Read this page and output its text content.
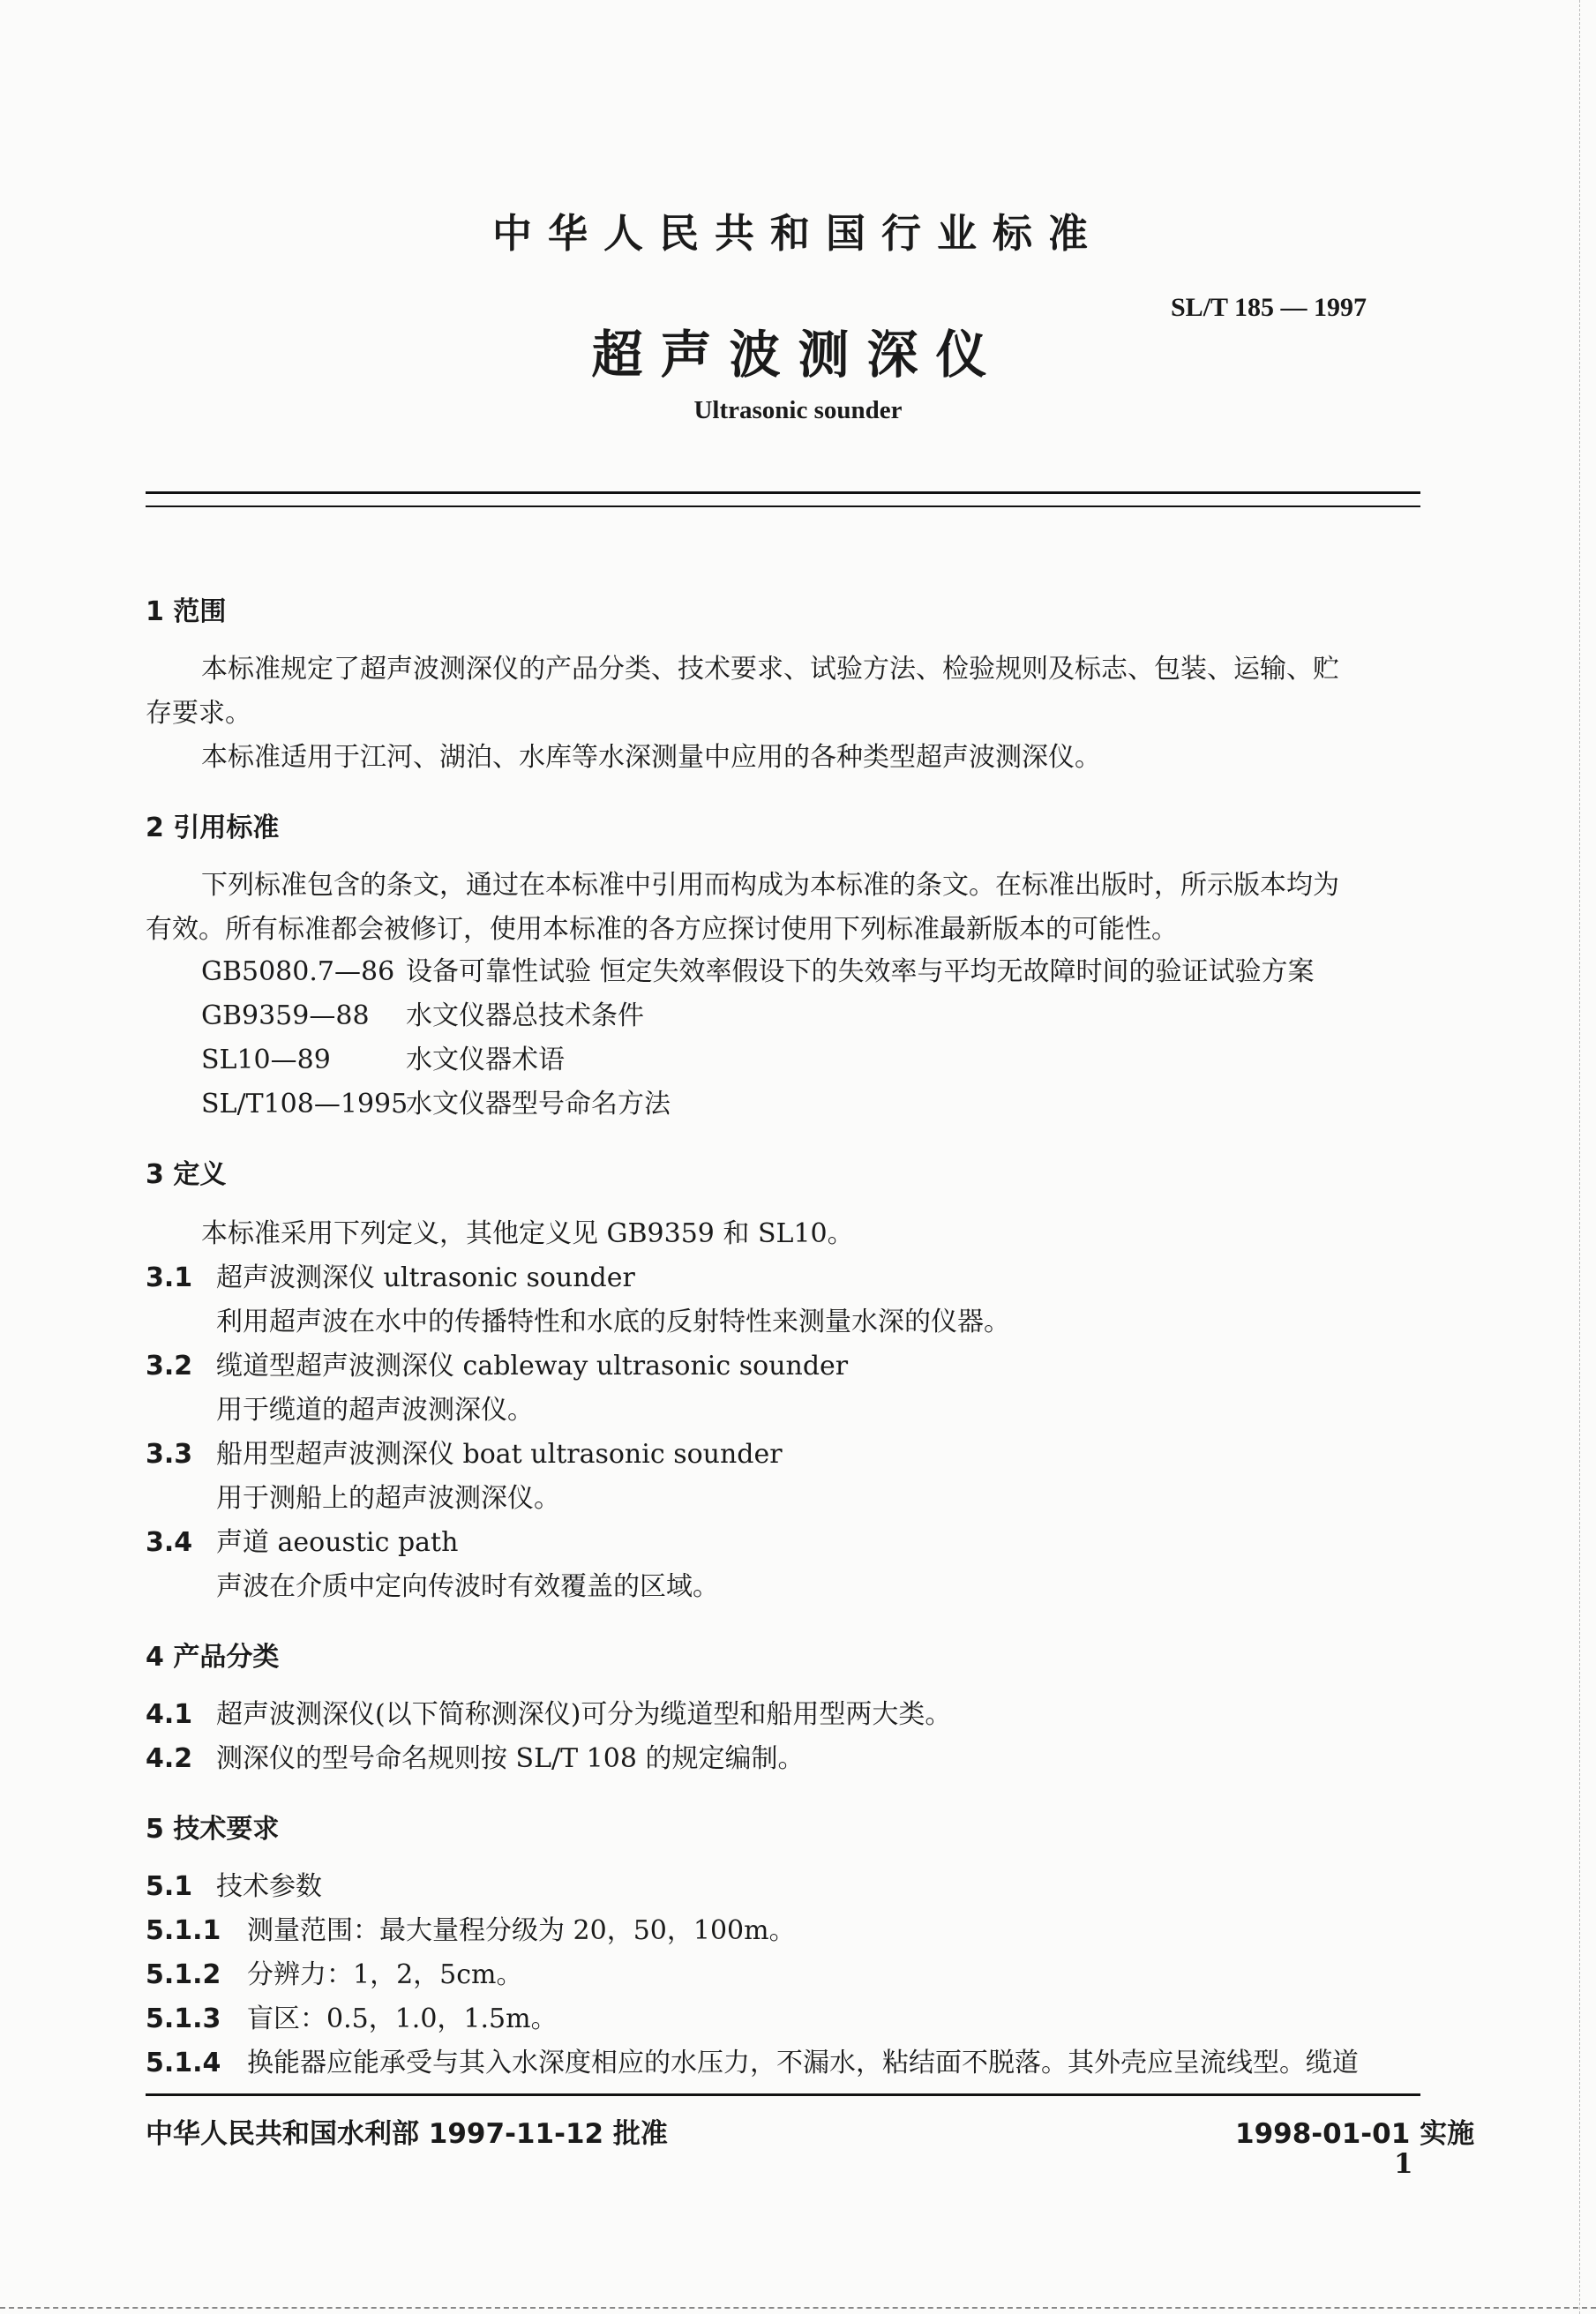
中华人民共和国行业标准
SL/T 185 — 1997
超声波测深仪
Ultrasonic sounder
1 范围
本标准规定了超声波测深仪的产品分类、技术要求、试验方法、检验规则及标志、包装、运输、贮
存要求。
本标准适用于江河、湖泊、水库等水深测量中应用的各种类型超声波测深仪。
2 引用标准
下列标准包含的条文，通过在本标准中引用而构成为本标准的条文。在标准出版时，所示版本均为
有效。所有标准都会被修订，使用本标准的各方应探讨使用下列标准最新版本的可能性。
GB5080.7—86 设备可靠性试验 恒定失效率假设下的失效率与平均无故障时间的验证试验方案
GB9359—88 水文仪器总技术条件
SL10—89	水文仪器术语
SL/T108—1995水文仪器型号命名方法
3 定义
本标准采用下列定义，其他定义见 GB9359 和 SL10。
3.1 超声波测深仪 ultrasonic sounder
利用超声波在水中的传播特性和水底的反射特性来测量水深的仪器。
3.2 缆道型超声波测深仪 cableway ultrasonic sounder
用于缆道的超声波测深仪。
3.3 船用型超声波测深仪 boat ultrasonic sounder
用于测船上的超声波测深仪。
3.4 声道 aeoustic path
声波在介质中定向传波时有效覆盖的区域。
4 产品分类
4.1 超声波测深仪(以下简称测深仪)可分为缆道型和船用型两大类。
4.2 测深仪的型号命名规则按 SL/T 108 的规定编制。
5 技术要求
5.1 技术参数
5.1.1 测量范围：最大量程分级为 20，50，100m。
5.1.2 分辨力：1，2，5cm。
5.1.3 盲区：0.5，1.0，1.5m。
5.1.4 换能器应能承受与其入水深度相应的水压力，不漏水，粘结面不脱落。其外壳应呈流线型。缆道
中华人民共和国水利部 1997-11-12 批准	1998-01-01 实施
1
